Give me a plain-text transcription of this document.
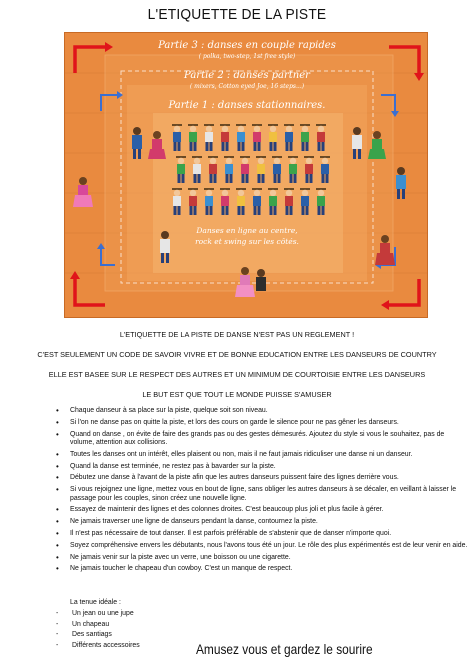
L'ETIQUETTE DE LA PISTE
Partie 3 : danses en couple rapides
( polka, two-step, 1st free style)
Partie 2 : danses partner
( mixers, Cotton eyed Joe, 16 steps...)
Partie 1 : danses stationnaires.
Danses en ligne au centre,
rock et swing sur les côtés.
L'ETIQUETTE DE LA PISTE DE DANSE N'EST PAS UN REGLEMENT !
C'EST SEULEMENT UN CODE DE SAVOIR VIVRE ET DE BONNE EDUCATION ENTRE LES DANSEURS DE COUNTRY
ELLE EST BASEE SUR LE RESPECT DES AUTRES ET UN MINIMUM DE COURTOISIE ENTRE LES DANSEURS
LE BUT EST QUE TOUT LE MONDE PUISSE S'AMUSER
• Chaque danseur à sa place sur la piste, quelque soit son niveau.
• Si l'on ne danse pas on quitte la piste, et lors des cours on garde le silence pour ne pas gêner les danseurs.
• Quand on danse , on évite de faire des grands pas ou des gestes démesurés. Ajoutez du style si vous le souhaitez, pas de volume, attention aux collisions.
• Toutes les danses ont un intérêt, elles plaisent ou non, mais il ne faut jamais ridiculiser une danse ni un danseur.
• Quand la danse est terminée, ne restez pas à bavarder sur la piste.
• Débutez une danse à l'avant de la piste afin que les autres danseurs puissent faire des lignes derrière vous.
• Si vous rejoignez une ligne, mettez vous en bout de ligne, sans obliger les autres danseurs à se décaler, en veillant à laisser le passage pour les couples, sinon créez une nouvelle ligne.
• Essayez de maintenir des lignes et des colonnes droites. C'est beaucoup plus joli et plus facile à gérer.
• Ne jamais traverser une ligne de danseurs pendant la danse, contournez la piste.
• Il n'est pas nécessaire de tout danser. Il est parfois préférable de s'abstenir que de danser n'importe quoi.
• Soyez compréhensive envers les débutants, nous l'avons tous été un jour. Le rôle des plus expérimentés est de leur venir en aide.
• Ne jamais venir sur la piste avec un verre, une boisson ou une cigarette.
• Ne jamais toucher le chapeau d'un cowboy. C'est un manque de respect.
La tenue idéale :
- Un jean ou une jupe
- Un chapeau
- Des santiags
- Différents accessoires	Amusez vous et gardez le sourire
